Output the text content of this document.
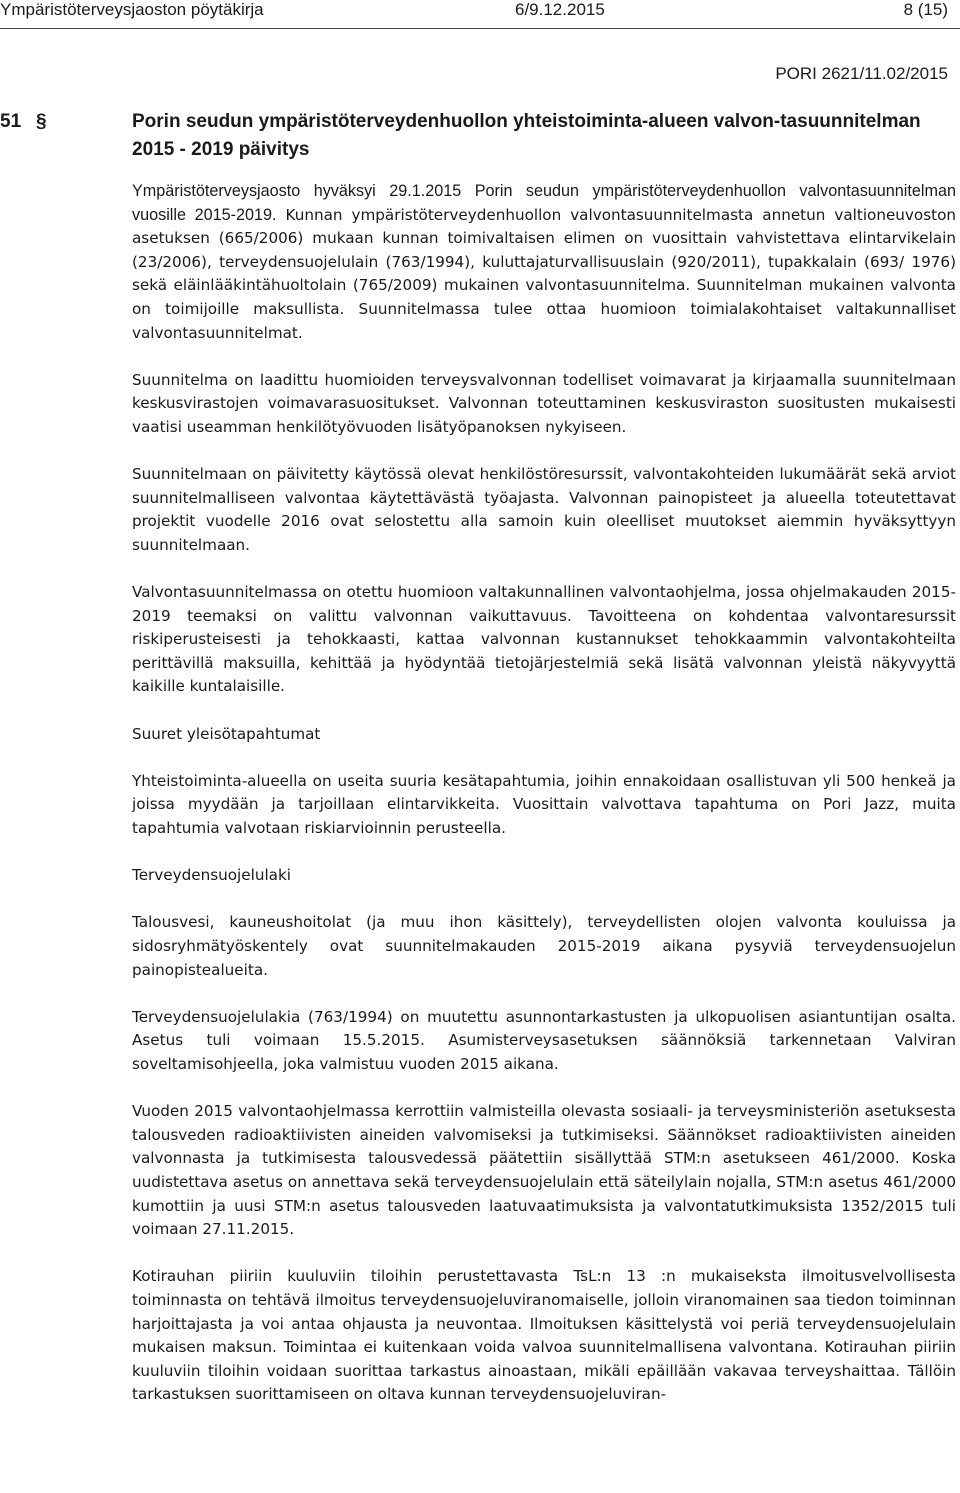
Ympäristöterveysjaoston pöytäkirja	6/9.12.2015	8 (15)
PORI 2621/11.02/2015
51 §	Porin seudun ympäristöterveydenhuollon yhteistoiminta-alueen valvon-tasuunnitelman 2015 - 2019 päivitys

Ympäristöterveysjaosto hyväksyi 29.1.2015 Porin seudun ympäristöterveydenhuollon valvontasuunnitelman vuosille 2015-2019. Kunnan ympäristöterveydenhuollon valvontasuunnitelmasta annetun valtioneuvoston asetuksen (665/2006) mukaan kunnan toimivaltaisen elimen on vuosittain vahvistettava elintarvikelain (23/2006), terveydensuojelulain (763/1994), kuluttajaturvallisuuslain (920/2011), tupakkalain (693/ 1976) sekä eläinlääkintähuoltolain (765/2009) mukainen valvontasuunnitelma. Suunnitelman mukainen valvonta on toimijoille maksullista. Suunnitelmassa tulee ottaa huomioon toimialakohtaiset valtakunnalliset valvontasuunnitelmat.

Suunnitelma on laadittu huomioiden terveysvalvonnan todelliset voimavarat ja kirjaamalla suunnitelmaan keskusvirastojen voimavarasuositukset. Valvonnan toteuttaminen keskusviraston suositusten mukaisesti vaatisi useamman henkilötyövuoden lisätyöpanoksen nykyiseen.

Suunnitelmaan on päivitetty käytössä olevat henkilöstöresurssit, valvontakohteiden lukumäärät sekä arviot suunnitelmalliseen valvontaa käytettävästä työajasta. Valvonnan painopisteet ja alueella toteutettavat projektit vuodelle 2016 ovat selostettu alla samoin kuin oleelliset muutokset aiemmin hyväksyttyyn suunnitelmaan.

Valvontasuunnitelmassa on otettu huomioon valtakunnallinen valvontaohjelma, jossa ohjelmakauden 2015- 2019 teemaksi on valittu valvonnan vaikuttavuus. Tavoitteena on kohdentaa valvontaresurssit riskiperusteisesti ja tehokkaasti, kattaa valvonnan kustannukset tehokkaammin valvontakohteilta perittävillä maksuilla, kehittää ja hyödyntää tietojärjestelmiä sekä lisätä valvonnan yleistä näkyvyyttä kaikille kuntalaisille.

Suuret yleisötapahtumat

Yhteistoiminta-alueella on useita suuria kesätapahtumia, joihin ennakoidaan osallistuvan yli 500 henkeä ja joissa myydään ja tarjoillaan elintarvikkeita. Vuosittain valvottava tapahtuma on Pori Jazz, muita tapahtumia valvotaan riskiarvioinnin perusteella.

Terveydensuojelulaki

Talousvesi, kauneushoitolat (ja muu ihon käsittely), terveydellisten olojen valvonta kouluissa ja sidosryhmätyöskentely ovat suunnitelmakauden 2015-2019 aikana pysyviä terveydensuojelun painopistealueita.

Terveydensuojelulakia (763/1994) on muutettu asunnontarkastusten ja ulkopuolisen asiantuntijan osalta. Asetus tuli voimaan 15.5.2015. Asumisterveysasetuksen säännöksiä tarkennetaan Valviran soveltamisohjeella, joka valmistuu vuoden 2015 aikana.

Vuoden 2015 valvontaohjelmassa kerrottiin valmisteilla olevasta sosiaali- ja terveysministeriön asetuksesta talousveden radioaktiivisten aineiden valvomiseksi ja tutkimiseksi. Säännökset radioaktiivisten aineiden valvonnasta ja tutkimisesta talousvedessä päätettiin sisällyttää STM:n asetukseen 461/2000. Koska uudistettava asetus on annettava sekä terveydensuojelulain että säteilylain nojalla, STM:n asetus 461/2000 kumottiin ja uusi STM:n asetus talousveden laatuvaatimuksista ja valvontatutkimuksista 1352/2015 tuli voimaan 27.11.2015.

Kotirauhan piiriin kuuluviin tiloihin perustettavasta TsL:n 13 :n mukaiseksta ilmoitusvelvollisesta toiminnasta on tehtävä ilmoitus terveydensuojeluviranomaiselle, jolloin viranomainen saa tiedon toiminnan harjoittajasta ja voi antaa ohjausta ja neuvontaa. Ilmoituksen käsittelystä voi periä terveydensuojelulain mukaisen maksun. Toimintaa ei kuitenkaan voida valvoa suunnitelmallisena valvontana. Kotirauhan piiriin kuuluviin tiloihin voidaan suorittaa tarkastus ainoastaan, mikäli epäillään vakavaa terveyshaittaa. Tällöin tarkastuksen suorittamiseen on oltava kunnan terveydensuojeluviran-
